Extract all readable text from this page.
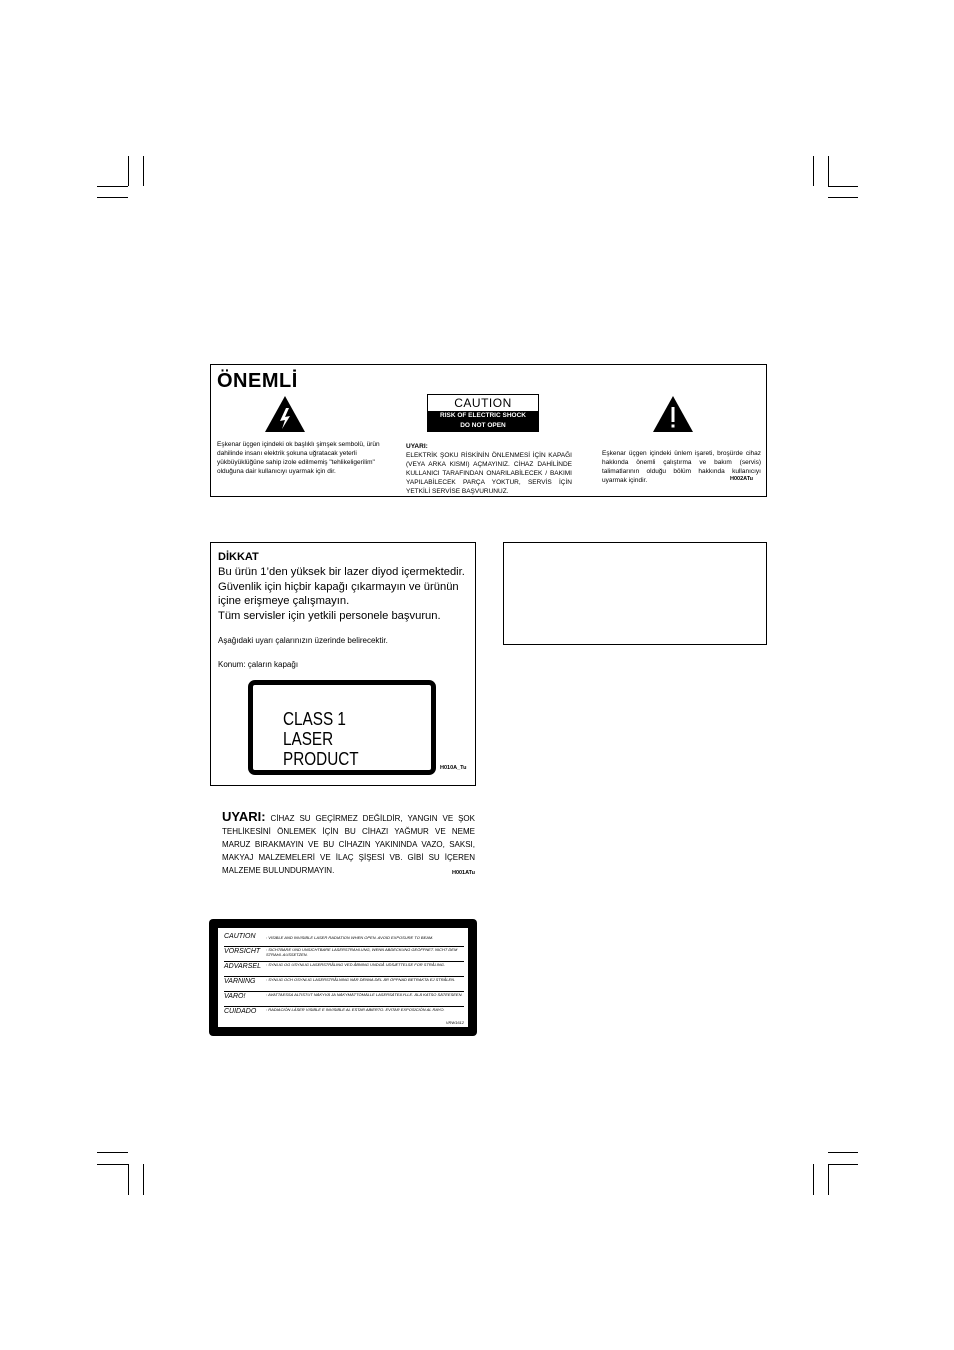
ÖNEMLİ
Eşkenar üçgen içindeki ok başlıklı şimşek sembolü, ürün dahilinde insanı elektrik şokuna uğratacak yeterli yükbüyüklüğüne sahip izole edilmemiş "tehlikeligerilim" olduğuna dair kullanıcıyı uyarmak için dir.
CAUTION
RISK OF ELECTRIC SHOCK
DO NOT OPEN
UYARI:
ELEKTRİK ŞOKU RİSKİNİN ÖNLENMESİ İÇİN KAPAĞI (VEYA ARKA KISMI) AÇMAYINIZ. CİHAZ DAHİLİNDE KULLANICI TARAFINDAN ONARILABİLECEK / BAKIMI YAPILABİLECEK PARÇA YOKTUR, SERVİS İÇİN YETKİLİ SERVİSE BAŞVURUNUZ.
Eşkenar üçgen içindeki ünlem işareti, broşürde cihaz hakkında önemli çalıştırma ve bakım (servis) talimatlarının olduğu bölüm hakkında kullanıcıyı uyarmak içindir.	H002ATu
DİKKAT
Bu ürün 1’den yüksek bir lazer diyod içermektedir.
Güvenlik için hiçbir kapağı çıkarmayın ve ürünün
içine erişmeye çalışmayın.
Tüm servisler için yetkili personele başvurun.
Aşağıdaki uyarı çalarınızın üzerinde belirecektir.
Konum: çaların kapağı
CLASS 1
LASER PRODUCT	H010A_Tu
UYARI: CİHAZ SU GEÇİRMEZ DEĞİLDİR, YANGIN VE ŞOK TEHLİKESİNİ ÖNLEMEK İÇİN BU CİHAZI YAĞMUR VE NEME MARUZ BIRAKMAYIN VE BU CİHAZIN YAKININDA VAZO, SAKSI, MAKYAJ MALZEMELERİ VE İLAÇ ŞİŞESİ VB. GİBİ SU İÇEREN MALZEME BULUNDURMAYIN.	H001ATu
CAUTION	: VISIBLE AND INVISIBLE LASER RADIATION WHEN OPEN. AVOID EXPOSURE TO BEAM.
VORSICHT : SICHTBARE UND UNSICHTBARE LASERSTRAHLUNG, WENN ABDECKUNG GEÖFFNET. NICHT DEM STRAHL AUSSETZEN.
ADVARSEL : SYNLIG OG USYNLIG LASERSTRÅLING VED ÅBNING UNDGÅ UDSÆTTELSE FOR STRÅLING.
VARNING	: SYNLIG OCH OSYNLIG LASERSTRÅLNING NÄR DENNA DEL ÄR ÖPPNAD BETRAKTA EJ STRÅLEN.
VARO!	: AVATTAESSA ALTISTUT NÄKYVÄ JA NÄKYMÄTTÖMÄLLE LASERSÄTEILYLLE. ÄLÄ KATSO SÄTEESEEN.
CUIDADO : RADIACIÓN LÁSER VISIBLE E INVISIBLE AL ESTAR ABIERTO. EVITAR EXPOSICIÓN AL RAYO.
VRW1612
